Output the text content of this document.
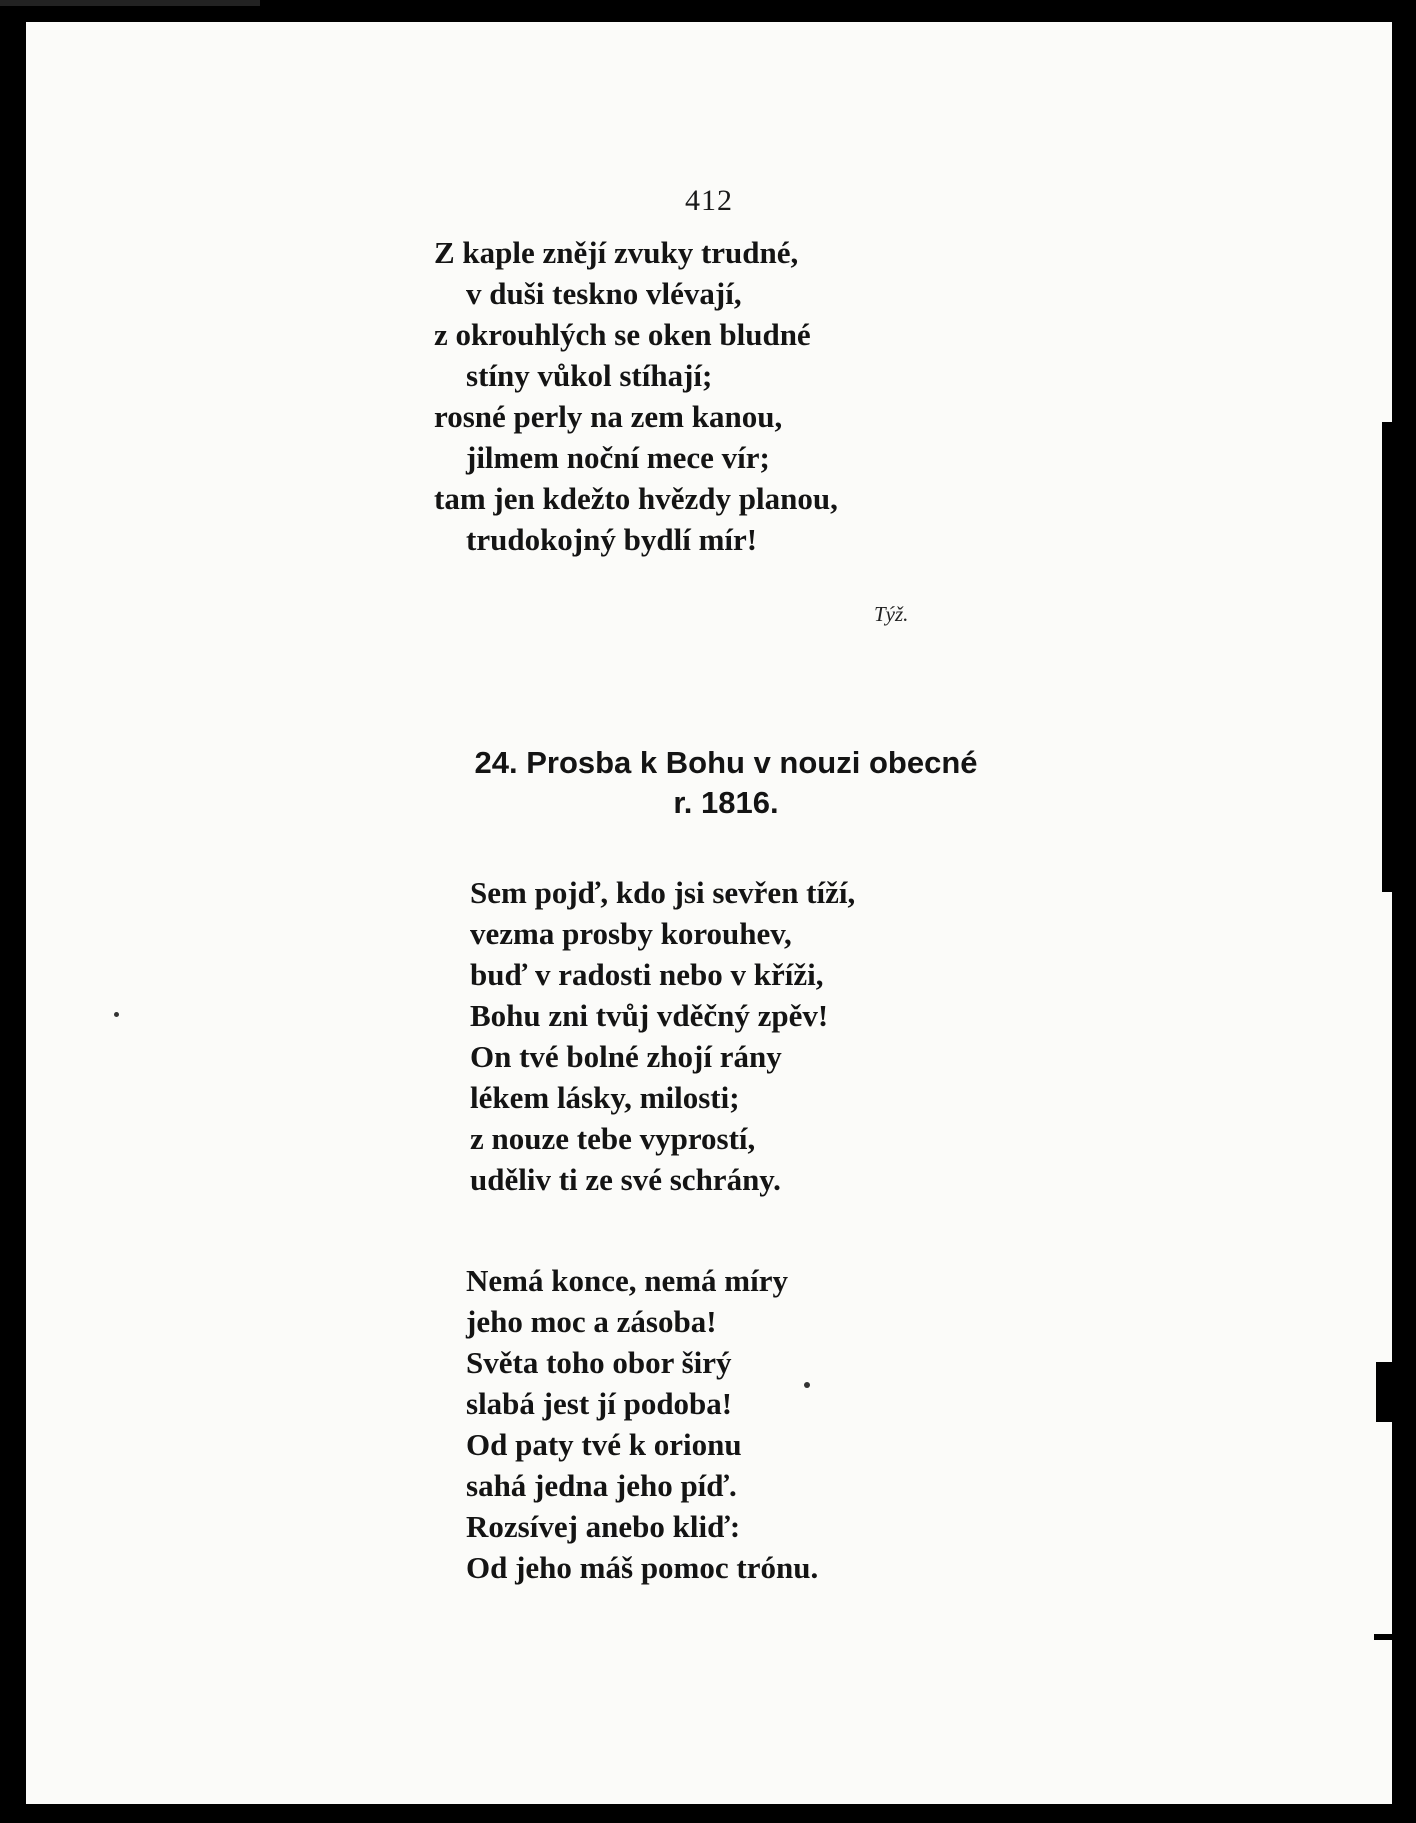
412
Z kaple znějí zvuky trudné,
v duši teskno vlévají,
z okrouhlých se oken bludné
stíny vůkol stíhají;
rosné perly na zem kanou,
jilmem noční mece vír;
tam jen kdežto hvězdy planou,
trudokojný bydlí mír!
Týž.
24. Prosba k Bohu v nouzi obecné
r. 1816.
Sem pojď, kdo jsi sevřen tíží,
vezma prosby korouhev,
buď v radosti nebo v kříži,
Bohu zni tvůj vděčný zpěv!
On tvé bolné zhojí rány
lékem lásky, milosti;
z nouze tebe vyprostí,
uděliv ti ze své schrány.
Nemá konce, nemá míry
jeho moc a zásoba!
Světa toho obor širý
slabá jest jí podoba!
Od paty tvé k orionu
sahá jedna jeho píď.
Rozsívej anebo kliď:
Od jeho máš pomoc trónu.
